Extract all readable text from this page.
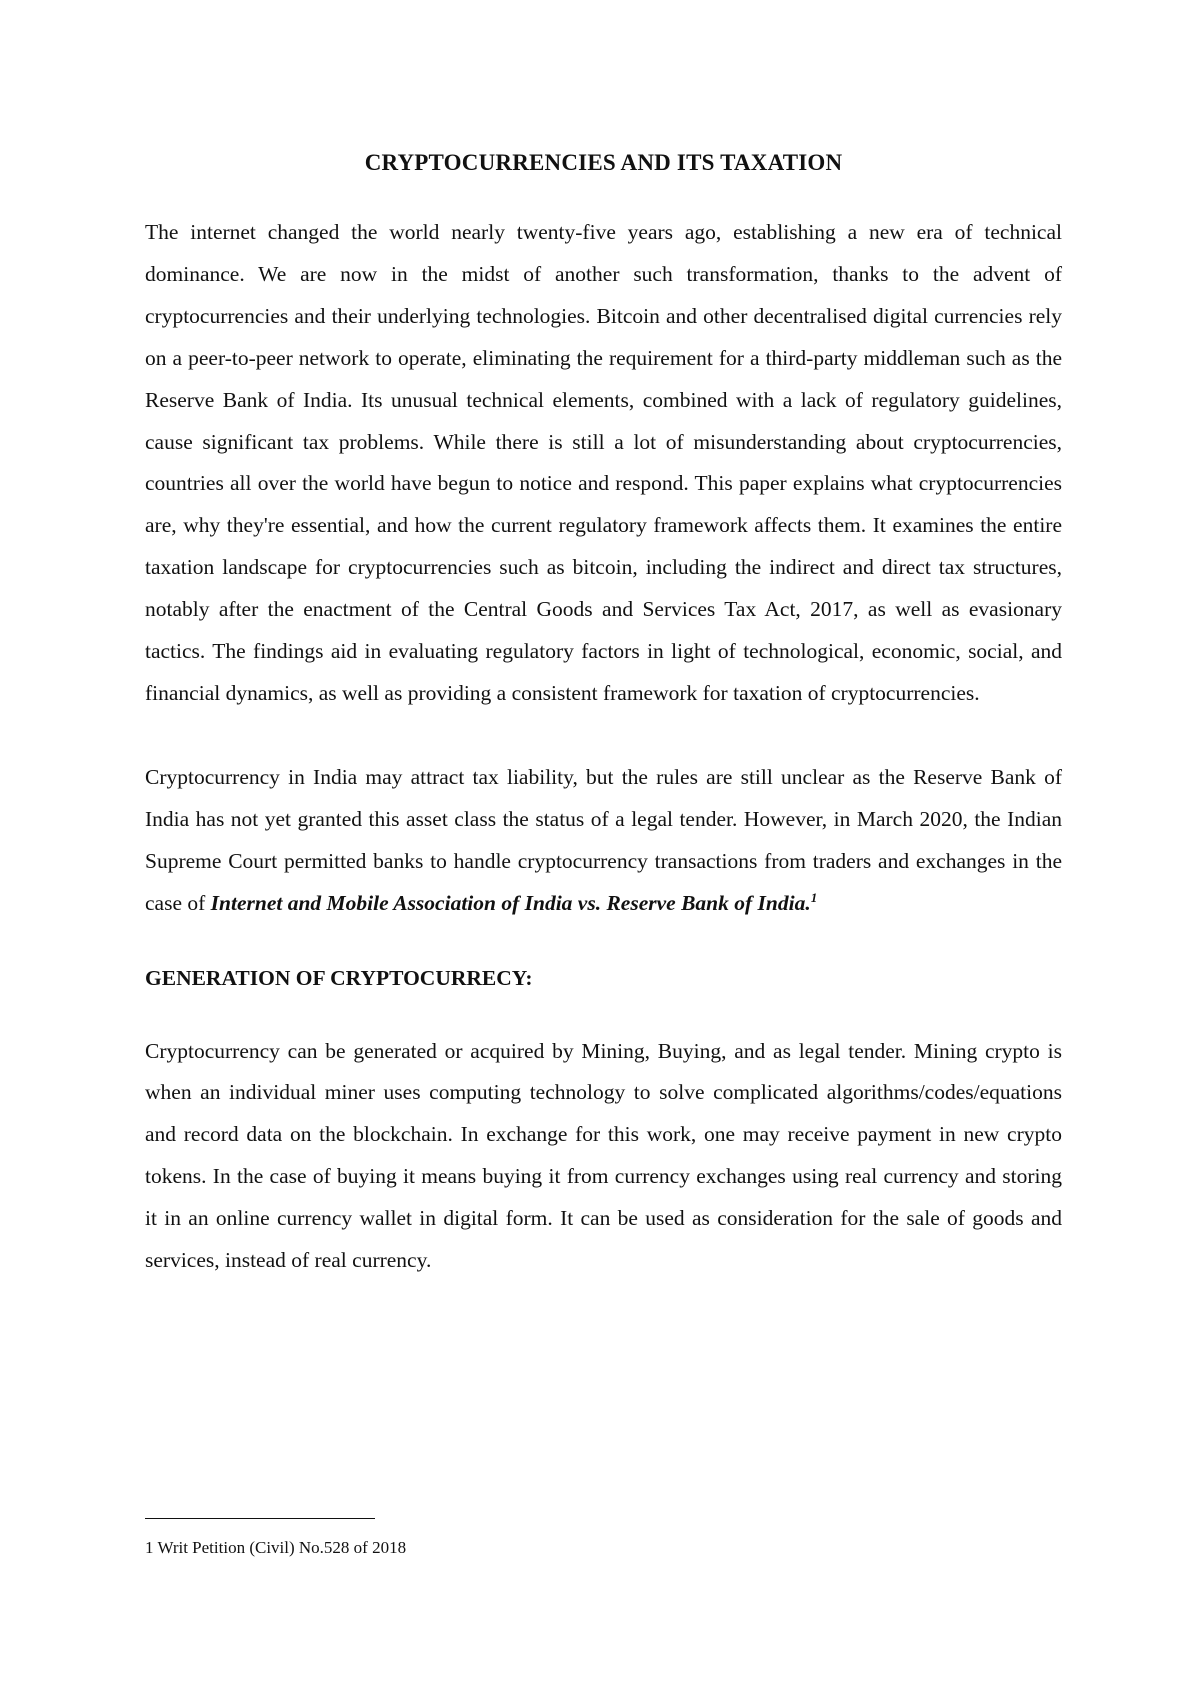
CRYPTOCURRENCIES AND ITS TAXATION

The internet changed the world nearly twenty-five years ago, establishing a new era of technical dominance. We are now in the midst of another such transformation, thanks to the advent of cryptocurrencies and their underlying technologies. Bitcoin and other decentralised digital currencies rely on a peer-to-peer network to operate, eliminating the requirement for a third-party middleman such as the Reserve Bank of India. Its unusual technical elements, combined with a lack of regulatory guidelines, cause significant tax problems. While there is still a lot of misunderstanding about cryptocurrencies, countries all over the world have begun to notice and respond. This paper explains what cryptocurrencies are, why they're essential, and how the current regulatory framework affects them. It examines the entire taxation landscape for cryptocurrencies such as bitcoin, including the indirect and direct tax structures, notably after the enactment of the Central Goods and Services Tax Act, 2017, as well as evasionary tactics. The findings aid in evaluating regulatory factors in light of technological, economic, social, and financial dynamics, as well as providing a consistent framework for taxation of cryptocurrencies.

Cryptocurrency in India may attract tax liability, but the rules are still unclear as the Reserve Bank of India has not yet granted this asset class the status of a legal tender. However, in March 2020, the Indian Supreme Court permitted banks to handle cryptocurrency transactions from traders and exchanges in the case of Internet and Mobile Association of India vs. Reserve Bank of India.$^1$

GENERATION OF CRYPTOCURRECY:

Cryptocurrency can be generated or acquired by Mining, Buying, and as legal tender. Mining crypto is when an individual miner uses computing technology to solve complicated algorithms/codes/equations and record data on the blockchain. In exchange for this work, one may receive payment in new crypto tokens. In the case of buying it means buying it from currency exchanges using real currency and storing it in an online currency wallet in digital form. It can be used as consideration for the sale of goods and services, instead of real currency.

1 Writ Petition (Civil) No.528 of 2018
